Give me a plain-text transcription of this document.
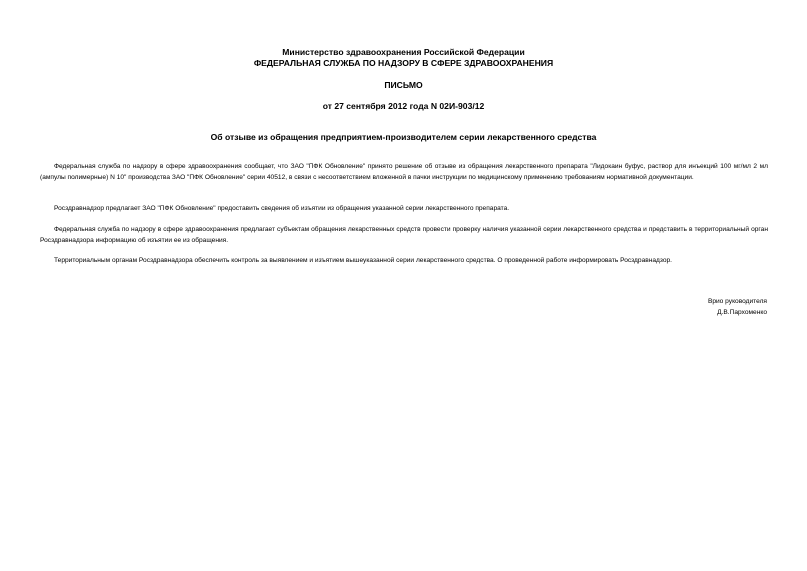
Министерство здравоохранения Российской Федерации
ФЕДЕРАЛЬНАЯ СЛУЖБА ПО НАДЗОРУ В СФЕРЕ ЗДРАВООХРАНЕНИЯ
ПИСЬМО
от 27 сентября 2012 года N 02И-903/12
Об отзыве из обращения предприятием-производителем серии лекарственного средства
Федеральная служба по надзору в сфере здравоохранения сообщает, что ЗАО "ПФК Обновление" принято решение об отзыве из обращения лекарственного препарата "Лидокаин буфус, раствор для инъекций 100 мг/мл 2 мл (ампулы полимерные) N 10" производства ЗАО "ПФК Обновление" серии 40512, в связи с несоответствием вложенной в пачки инструкции по медицинскому применению требованиям нормативной документации.
Росздравнадзор предлагает ЗАО "ПФК Обновление" предоставить сведения об изъятии из обращения указанной серии лекарственного препарата.
Федеральная служба по надзору в сфере здравоохранения предлагает субъектам обращения лекарственных средств провести проверку наличия указанной серии лекарственного средства и представить в территориальный орган Росздравнадзора информацию об изъятии ее из обращения.
Территориальным органам Росздравнадзора обеспечить контроль за выявлением и изъятием вышеуказанной серии лекарственного средства. О проведенной работе информировать Росздравнадзор.
Врио руководителя
Д.В.Пархоменко
